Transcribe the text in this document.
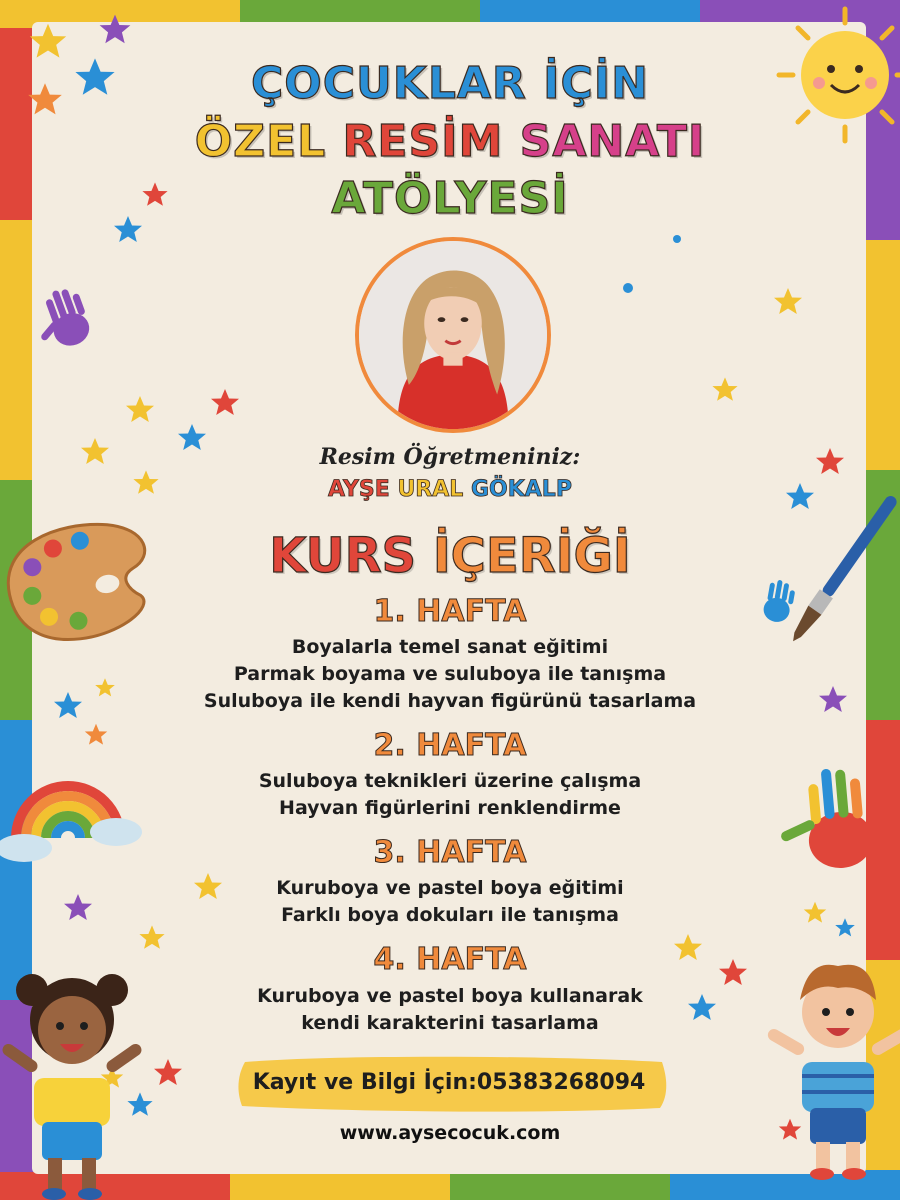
ÇOCUKLAR İÇİN
ÖZEL RESİM SANATI
ATÖLYESİ
Resim Öğretmeniniz:
AYŞE URAL GÖKALP
KURS İÇERİĞİ
1. HAFTA
Boyalarla temel sanat eğitimi
Parmak boyama ve suluboya ile tanışma
Suluboya ile kendi hayvan figürünü tasarlama
2. HAFTA
Suluboya teknikleri üzerine çalışma
Hayvan figürlerini renklendirme
3. HAFTA
Kuruboya ve pastel boya eğitimi
Farklı boya dokuları ile tanışma
4. HAFTA
Kuruboya ve pastel boya kullanarak
kendi karakterini tasarlama
Kayıt ve Bilgi İçin:05383268094
www.aysecocuk.com
